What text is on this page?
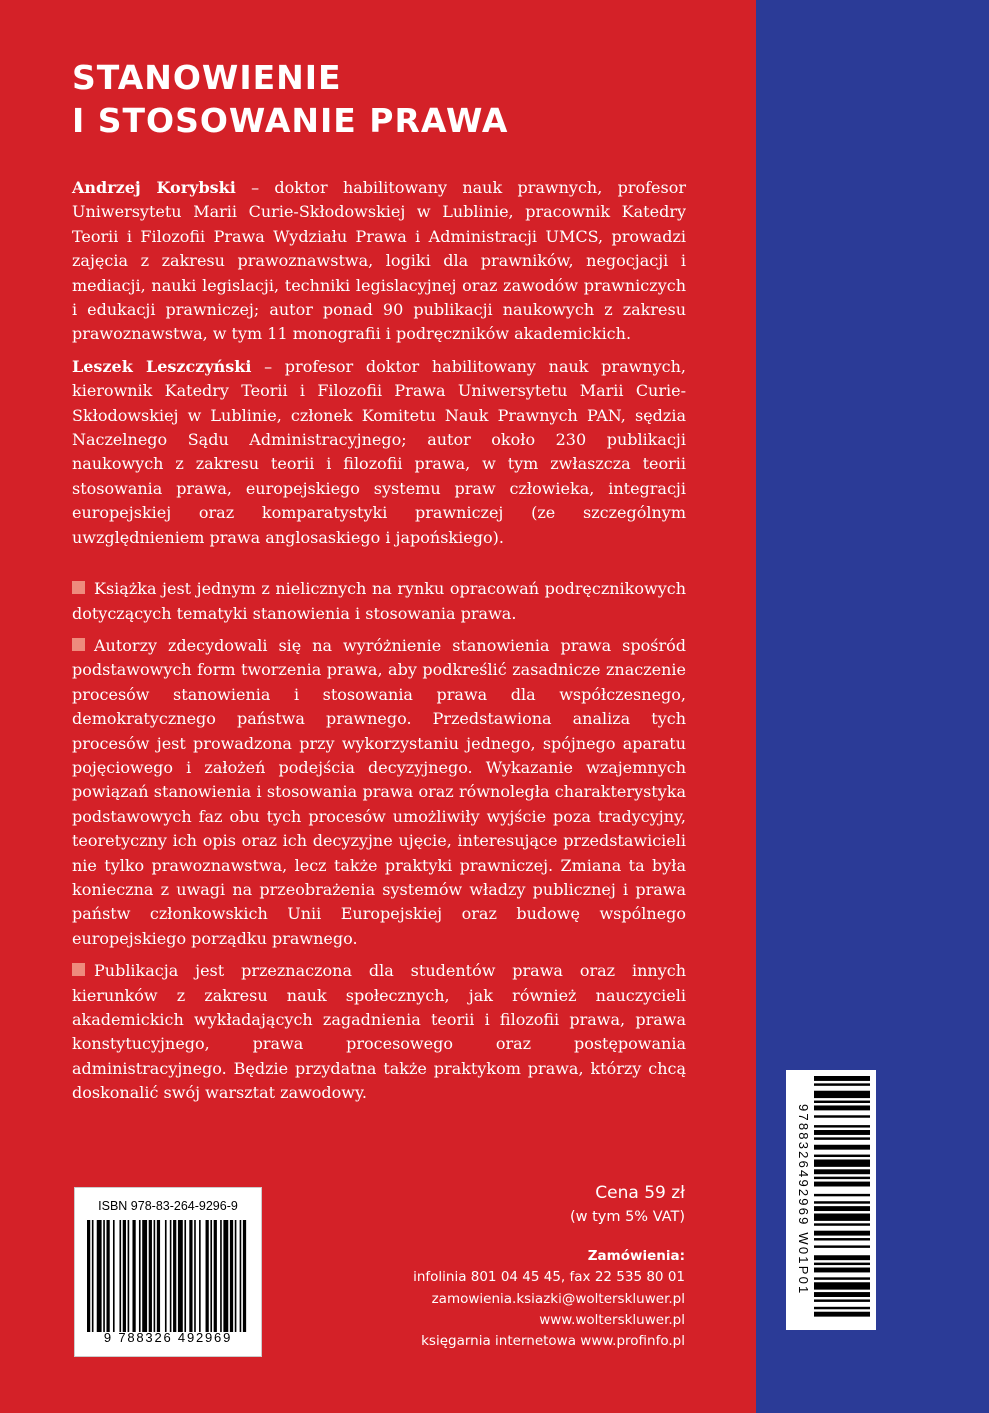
STANOWIENIE
I STOSOWANIE PRAWA

Andrzej Korybski – doktor habilitowany nauk prawnych, profesor Uniwersytetu Marii Curie-Skłodowskiej w Lublinie, pracownik Katedry Teorii i Filozofii Prawa Wydziału Prawa i Administracji UMCS, prowadzi zajęcia z zakresu prawoznawstwa, logiki dla prawników, negocjacji i mediacji, nauki legislacji, techniki legislacyjnej oraz zawodów prawniczych i edukacji prawniczej; autor ponad 90 publikacji naukowych z zakresu prawoznawstwa, w tym 11 monografii i podręczników akademickich.

Leszek Leszczyński – profesor doktor habilitowany nauk prawnych, kierownik Katedry Teorii i Filozofii Prawa Uniwersytetu Marii Curie-Skłodowskiej w Lublinie, członek Komitetu Nauk Prawnych PAN, sędzia Naczelnego Sądu Administracyjnego; autor około 230 publikacji naukowych z zakresu teorii i filozofii prawa, w tym zwłaszcza teorii stosowania prawa, europejskiego systemu praw człowieka, integracji europejskiej oraz komparatystyki prawniczej (ze szczególnym uwzględnieniem prawa anglosaskiego i japońskiego).

Książka jest jednym z nielicznych na rynku opracowań podręcznikowych dotyczących tematyki stanowienia i stosowania prawa.

Autorzy zdecydowali się na wyróżnienie stanowienia prawa spośród podstawowych form tworzenia prawa, aby podkreślić zasadnicze znaczenie procesów stanowienia i stosowania prawa dla współczesnego, demokratycznego państwa prawnego. Przedstawiona analiza tych procesów jest prowadzona przy wykorzystaniu jednego, spójnego aparatu pojęciowego i założeń podejścia decyzyjnego. Wykazanie wzajemnych powiązań stanowienia i stosowania prawa oraz równoległa charakterystyka podstawowych faz obu tych procesów umożliwiły wyjście poza tradycyjny, teoretyczny ich opis oraz ich decyzyjne ujęcie, interesujące przedstawicieli nie tylko prawoznawstwa, lecz także praktyki prawniczej. Zmiana ta była konieczna z uwagi na przeobrażenia systemów władzy publicznej i prawa państw członkowskich Unii Europejskiej oraz budowę wspólnego europejskiego porządku prawnego.

Publikacja jest przeznaczona dla studentów prawa oraz innych kierunków z zakresu nauk społecznych, jak również nauczycieli akademickich wykładających zagadnienia teorii i filozofii prawa, prawa konstytucyjnego, prawa procesowego oraz postępowania administracyjnego. Będzie przydatna także praktykom prawa, którzy chcą doskonalić swój warsztat zawodowy.

ISBN 978-83-264-9296-9
9 788326 492969
9788326492969 W01P01
Cena 59 zł
(w tym 5% VAT)
Zamówienia:
infolinia 801 04 45 45, fax 22 535 80 01
zamowienia.ksiazki@wolterskluwer.pl
www.wolterskluwer.pl
księgarnia internetowa www.profinfo.pl
